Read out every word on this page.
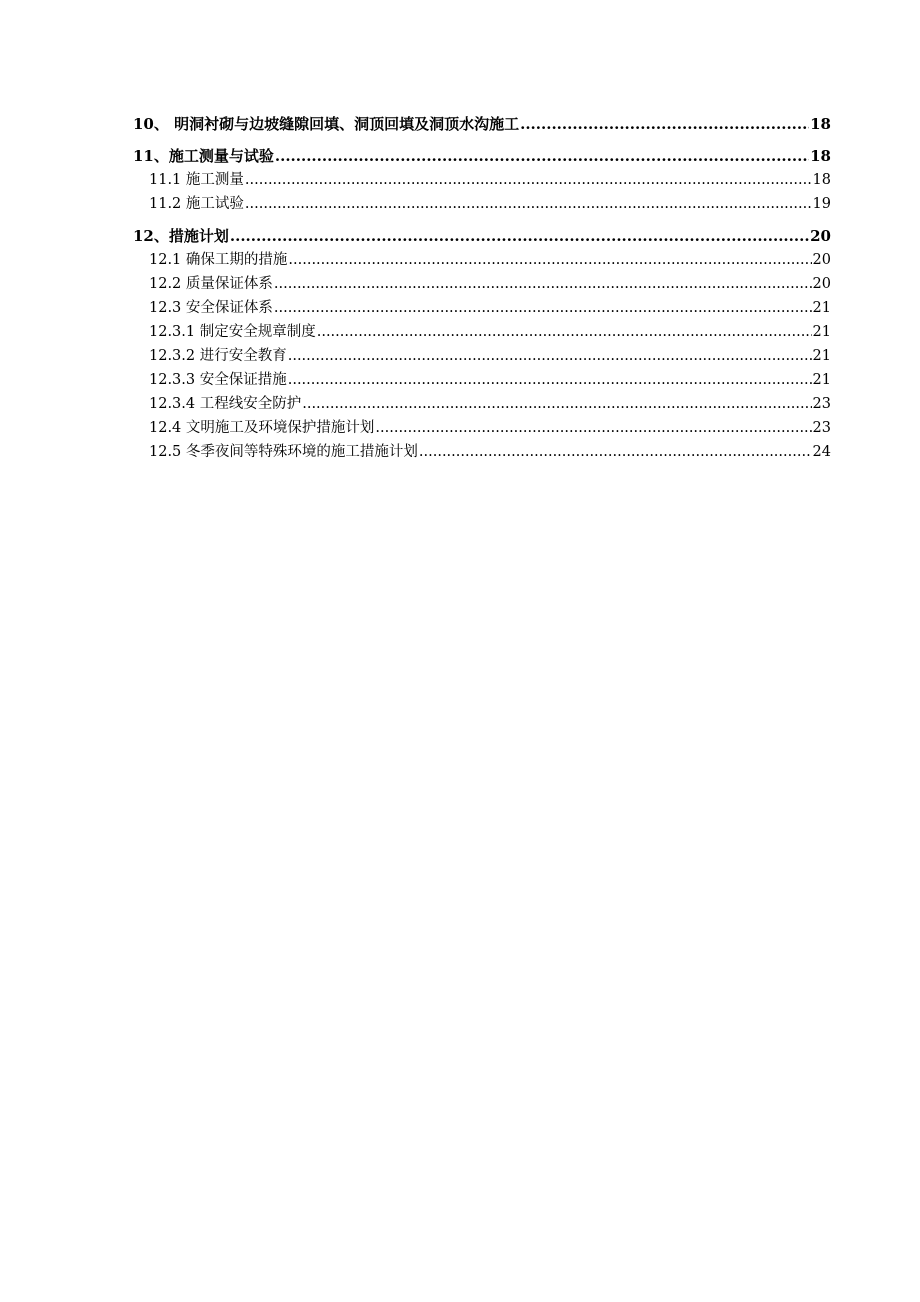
10、 明洞衬砌与边坡缝隙回填、洞顶回填及洞顶水沟施工 .....	18
11、施工测量与试验 .....	18
11.1 施工测量 .....	18
11.2 施工试验 .....	19
12、措施计划 .....	20
12.1 确保工期的措施 .....	20
12.2 质量保证体系 .....	20
12.3 安全保证体系 .....	21
12.3.1 制定安全规章制度 .....	21
12.3.2 进行安全教育 .....	21
12.3.3 安全保证措施 .....	21
12.3.4 工程线安全防护 .....	23
12.4 文明施工及环境保护措施计划 .....	23
12.5 冬季夜间等特殊环境的施工措施计划 .....	24
